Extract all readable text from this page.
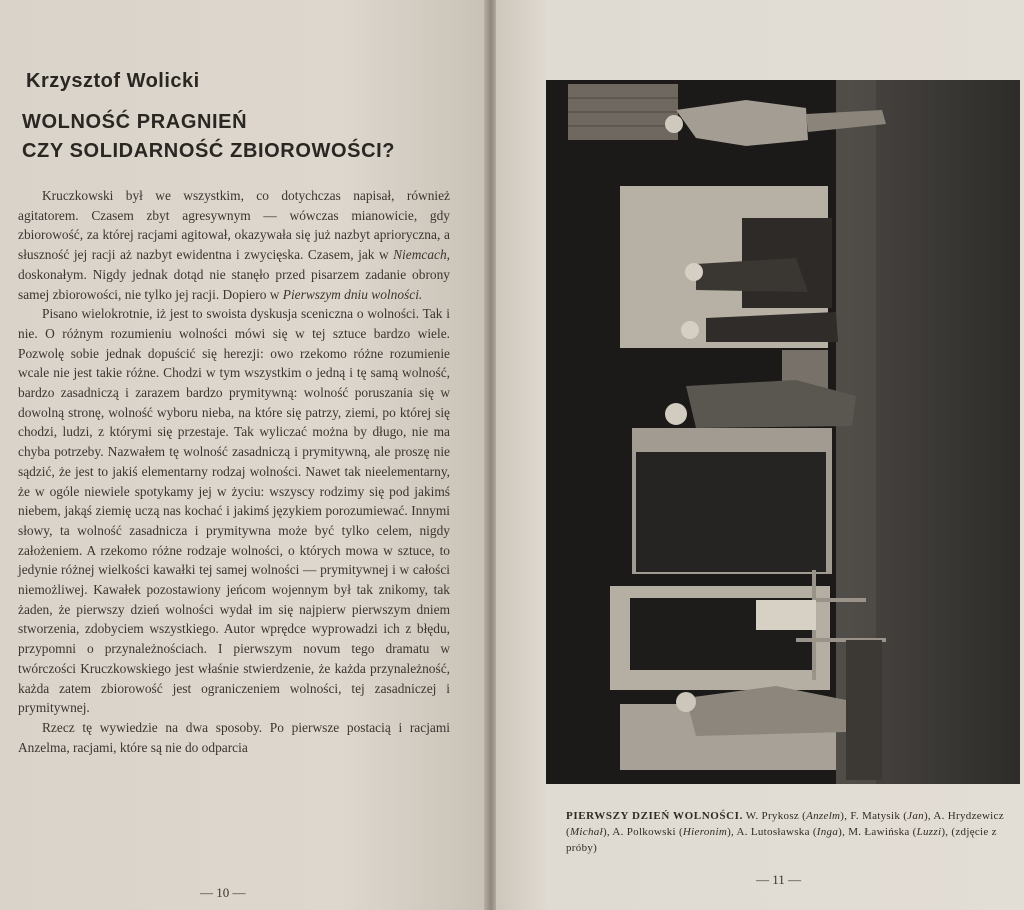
Krzysztof Wolicki
WOLNOŚĆ PRAGNIEŃ
CZY SOLIDARNOŚĆ ZBIOROWOŚCI?

Kruczkowski był we wszystkim, co dotychczas napisał, również agitatorem. Czasem zbyt agresywnym — wówczas mianowicie, gdy zbiorowość, za której racjami agitował, okazywała się już nazbyt aprioryczna, a słuszność jej racji aż nazbyt ewidentna i zwycięska. Czasem, jak w Niemcach, doskonałym. Nigdy jednak dotąd nie stanęło przed pisarzem zadanie obrony samej zbiorowości, nie tylko jej racji. Dopiero w Pierwszym dniu wolności.

Pisano wielokrotnie, iż jest to swoista dyskusja sceniczna o wolności. Tak i nie. O różnym rozumieniu wolności mówi się w tej sztuce bardzo wiele. Pozwolę sobie jednak dopuścić się herezji: owo rzekomo różne rozumienie wcale nie jest takie różne. Chodzi w tym wszystkim o jedną i tę samą wolność, bardzo zasadniczą i zarazem bardzo prymitywną: wolność poruszania się w dowolną stronę, wolność wyboru nieba, na które się patrzy, ziemi, po której się chodzi, ludzi, z którymi się przestaje. Tak wyliczać można by długo, nie ma chyba potrzeby. Nazwałem tę wolność zasadniczą i prymitywną, ale proszę nie sądzić, że jest to jakiś elementarny rodzaj wolności. Nawet tak nieelementarny, że w ogóle niewiele spotykamy jej w życiu: wszyscy rodzimy się pod jakimś niebem, jakąś ziemię uczą nas kochać i jakimś językiem porozumiewać. Innymi słowy, ta wolność zasadnicza i prymitywna może być tylko celem, nigdy założeniem. A rzekomo różne rodzaje wolności, o których mowa w sztuce, to jedynie różnej wielkości kawałki tej samej wolności — prymitywnej i w całości niemożliwej. Kawałek pozostawiony jeńcom wojennym był tak znikomy, tak żaden, że pierwszy dzień wolności wydał im się najpierw pierwszym dniem stworzenia, zdobyciem wszystkiego. Autor wprędce wyprowadzi ich z błędu, przypomni o przynależnościach. I pierwszym novum tego dramatu w twórczości Kruczkowskiego jest właśnie stwierdzenie, że każda przynależność, każda zatem zbiorowość jest ograniczeniem wolności, tej zasadniczej i prymitywnej.

Rzecz tę wywiedzie na dwa sposoby. Po pierwsze postacią i racjami Anzelma, racjami, które są nie do odparcia

— 10 —
PIERWSZY DZIEŃ WOLNOŚCI. W. Prykosz (Anzelm), F. Matysik (Jan), A. Hrydzewicz (Michał), A. Polkowski (Hieronim), A. Lutosławska (Inga), M. Ławińska (Luzzi), (zdjęcie z próby)
— 11 —
